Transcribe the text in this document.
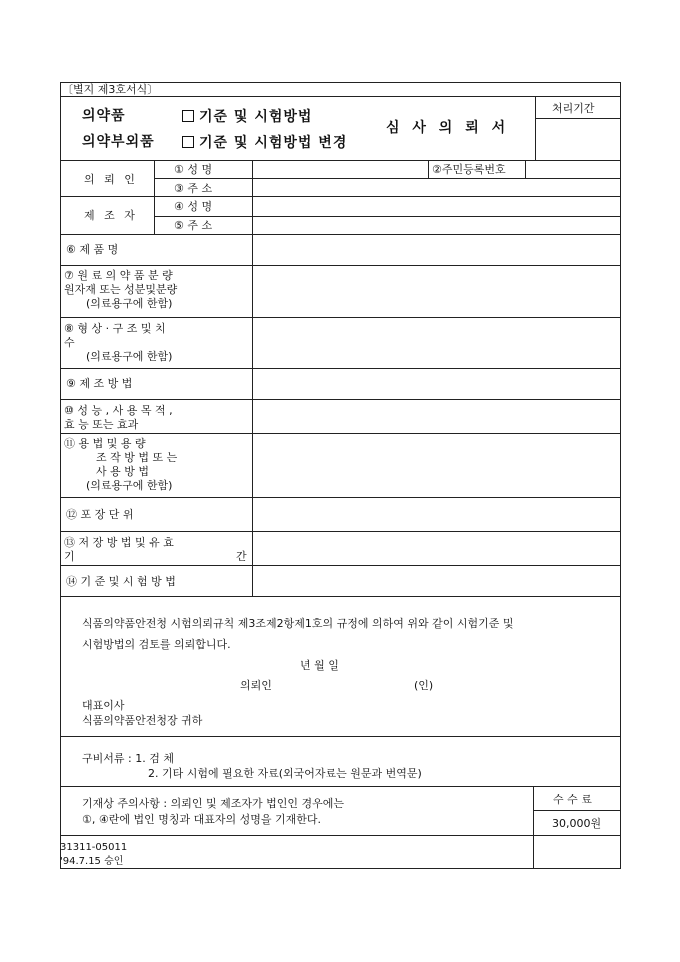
〔별지 제3호서식〕
의약품	기준 및 시험방법
의약부외품	기준 및 시험방법 변경
심 사 의 뢰 서
처리기간
의 뢰 인
① 성 명	②주민등록번호
③ 주 소
제 조 자
④ 성 명
⑤ 주 소
⑥ 제 품 명
⑦ 원 료 의 약 품 분 량
원자재 또는 성분및분량
(의료용구에 한함)
⑧ 형 상 · 구 조 및 치
수
(의료용구에 한함)
⑨ 제 조 방 법
⑩ 성 능 , 사 용 목 적 ,
효 능 또는 효과
⑪ 용 법 및 용 량
조 작 방 법 또 는
사 용 방 법
(의료용구에 한함)
⑫ 포 장 단 위
⑬ 저 장 방 법 및 유 효
기	간
⑭ 기 준 및 시 험 방 법
식품의약품안전청 시험의뢰규칙 제3조제2항제1호의 규정에 의하여 위와 같이 시험기준 및
시험방법의 검토를 의뢰합니다.
년 월 일
의뢰인	(인)
대표이사
식품의약품안전청장 귀하
구비서류 : 1. 검 체
2. 기타 시험에 필요한 자료(외국어자료는 원문과 번역문)
기재상 주의사항 : 의뢰인 및 제조자가 법인인 경우에는
①, ④란에 법인 명칭과 대표자의 성명을 기재한다.
수 수 료
30,000원
31311-05011
'94.7.15 승인
